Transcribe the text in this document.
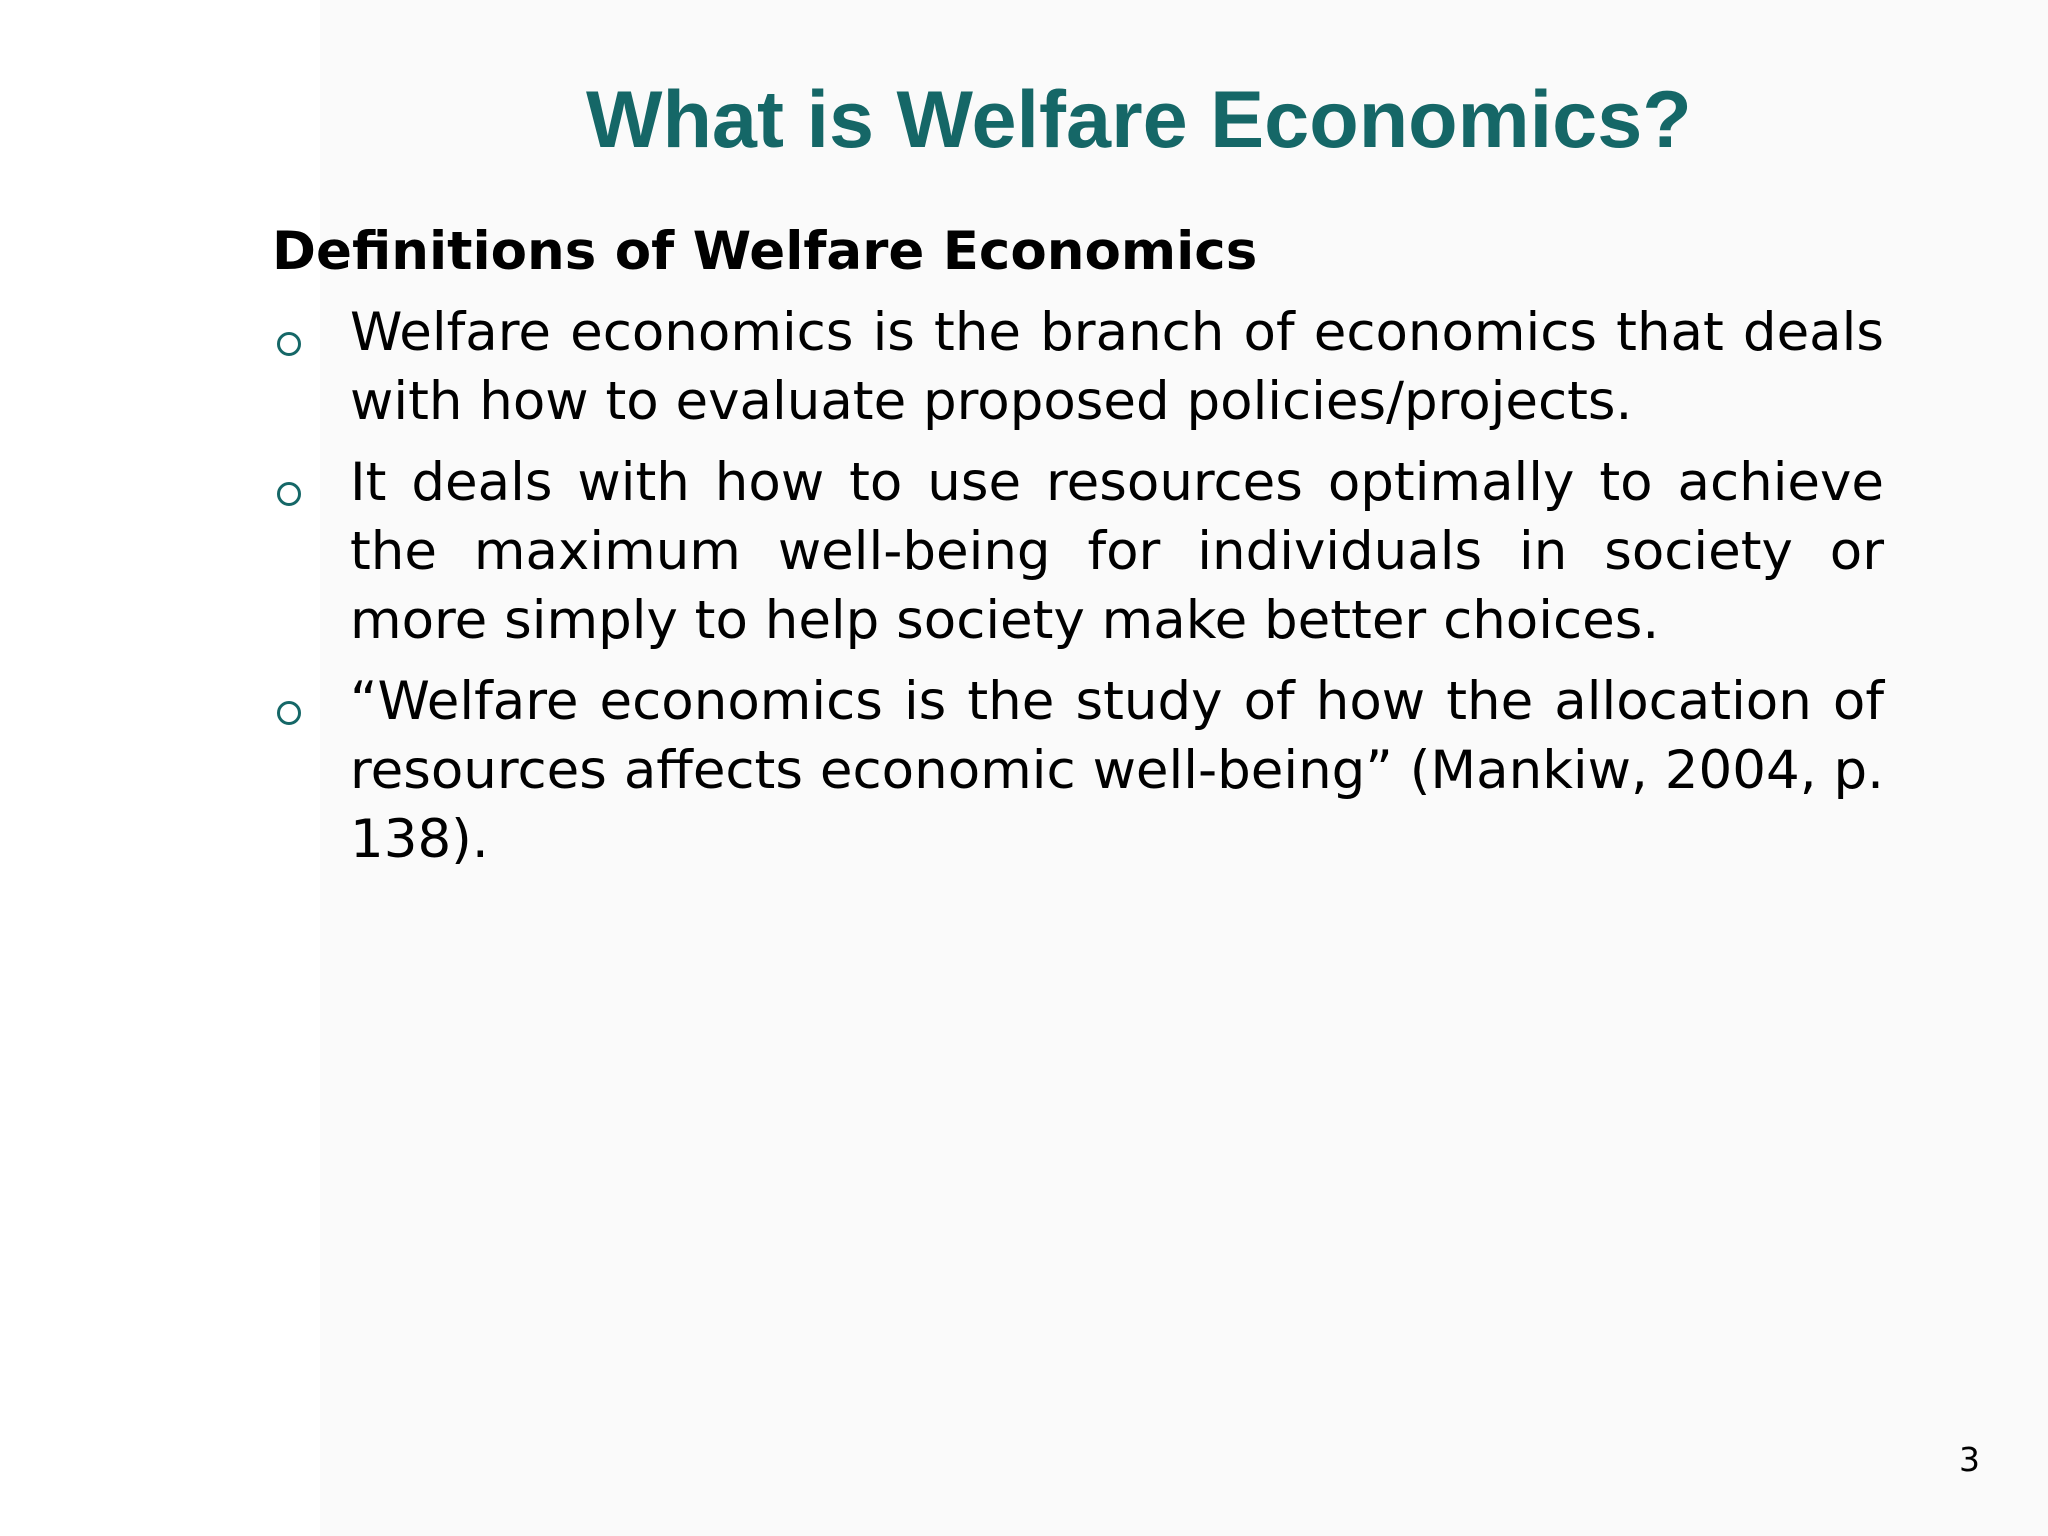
What is Welfare Economics?
Definitions of Welfare Economics

Welfare economics is the branch of economics that deals with how to evaluate proposed policies/projects.

It deals with how to use resources optimally to achieve the maximum well-being for individuals in society or more simply to help society make better choices.

“Welfare economics is the study of how the allocation of resources affects economic well-being” (Mankiw, 2004, p. 138).

3
